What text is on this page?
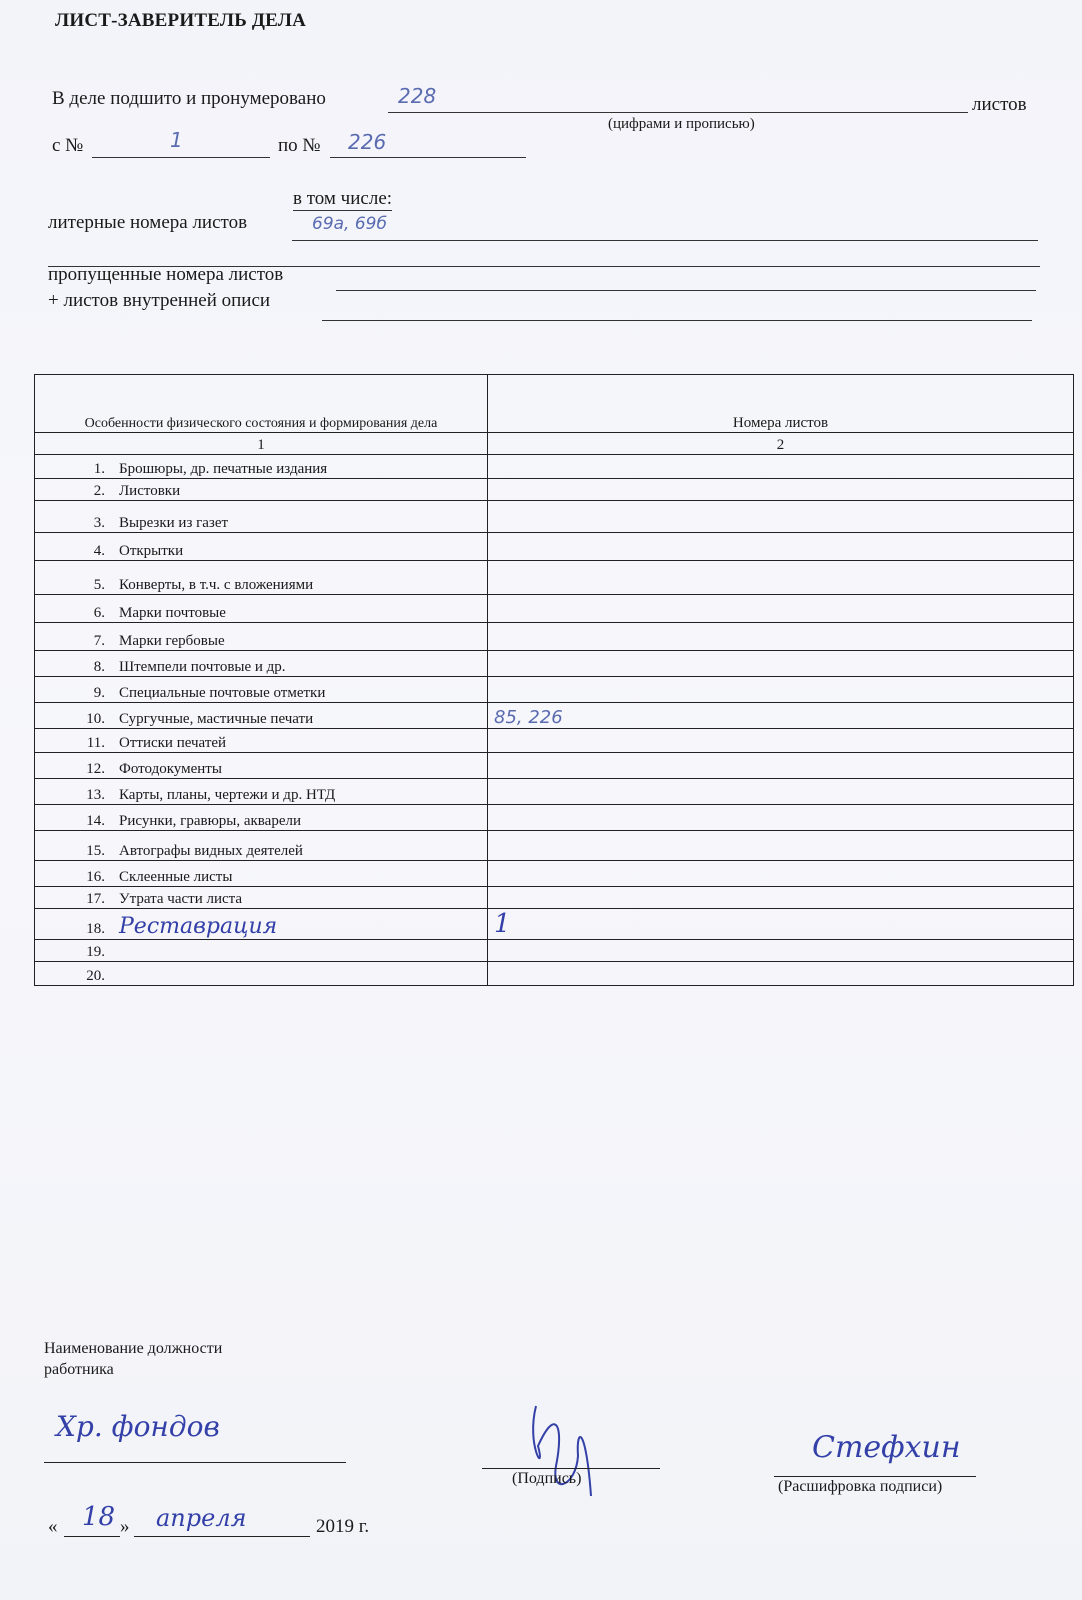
ЛИСТ-ЗАВЕРИТЕЛЬ ДЕЛА
В деле подшито и пронумеровано	228	листов
(цифрами и прописью)
с №	1	по № 226
в том числе:
литерные номера листов	69а, 69б
пропущенные номера листов
+ листов внутренней описи
Особенности физического состояния и формирования дела	Номера листов
1	2
1. Брошюры, др. печатные издания	
2. Листовки	
3. Вырезки из газет	
4. Открытки	
5. Конверты, в т.ч. с вложениями	
6. Марки почтовые	
7. Марки гербовые	
8. Штемпели почтовые и др.	
9. Специальные почтовые отметки	
10. Сургучные, мастичные печати	85, 226
11. Оттиски печатей	
12. Фотодокументы	
13. Карты, планы, чертежи и др. НТД	
14. Рисунки, гравюры, акварели	
15. Автографы видных деятелей	
16. Склеенные листы	
17. Утрата части листа	
18. Реставрация	1
19.	
20.	
Наименование должности работника
Хр. фондов
(Подпись)
Стефхин
(Расшифровка подписи)
« 18 » апреля	2019 г.
